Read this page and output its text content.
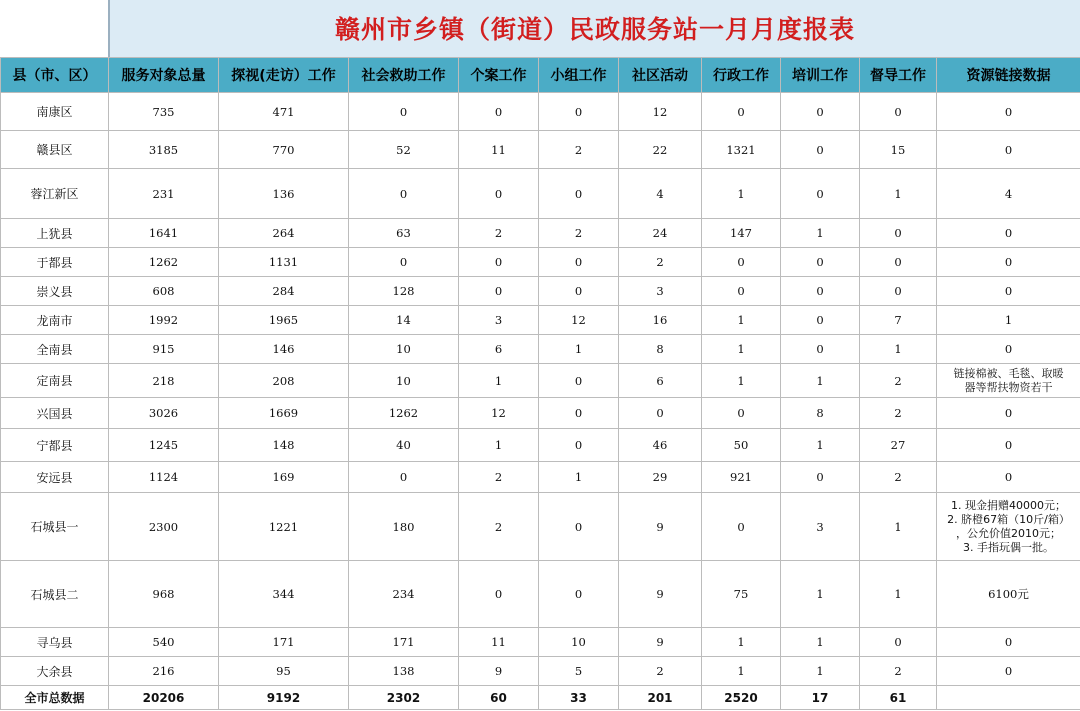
赣州市乡镇（街道）民政服务站一月月度报表
县（市、区）	服务对象总量	探视(走访）工作	社会救助工作	个案工作	小组工作	社区活动	行政工作	培训工作	督导工作	资源链接数据
南康区	735	471	0	0	0	12	0	0	0	0
赣县区	3185	770	52	11	2	22	1321	0	15	0
蓉江新区	231	136	0	0	0	4	1	0	1	4
上犹县	1641	264	63	2	2	24	147	1	0	0
于都县	1262	1131	0	0	0	2	0	0	0	0
崇义县	608	284	128	0	0	3	0	0	0	0
龙南市	1992	1965	14	3	12	16	1	0	7	1
全南县	915	146	10	6	1	8	1	0	1	0
定南县	218	208	10	1	0	6	1	1	2	链接棉被、毛毯、取暖
器等帮扶物资若干
兴国县	3026	1669	1262	12	0	0	0	8	2	0
宁都县	1245	148	40	1	0	46	50	1	27	0
安远县	1124	169	0	2	1	29	921	0	2	0
石城县一	2300	1221	180	2	0	9	0	3	1	1. 现金捐赠40000元；
2. 脐橙67箱（10斤/箱）
，公允价值2010元；
3. 手指玩偶一批。
石城县二	968	344	234	0	0	9	75	1	1	6100元
寻乌县	540	171	171	11	10	9	1	1	0	0
大余县	216	95	138	9	5	2	1	1	2	0
全市总数据	20206	9192	2302	60	33	201	2520	17	61	
